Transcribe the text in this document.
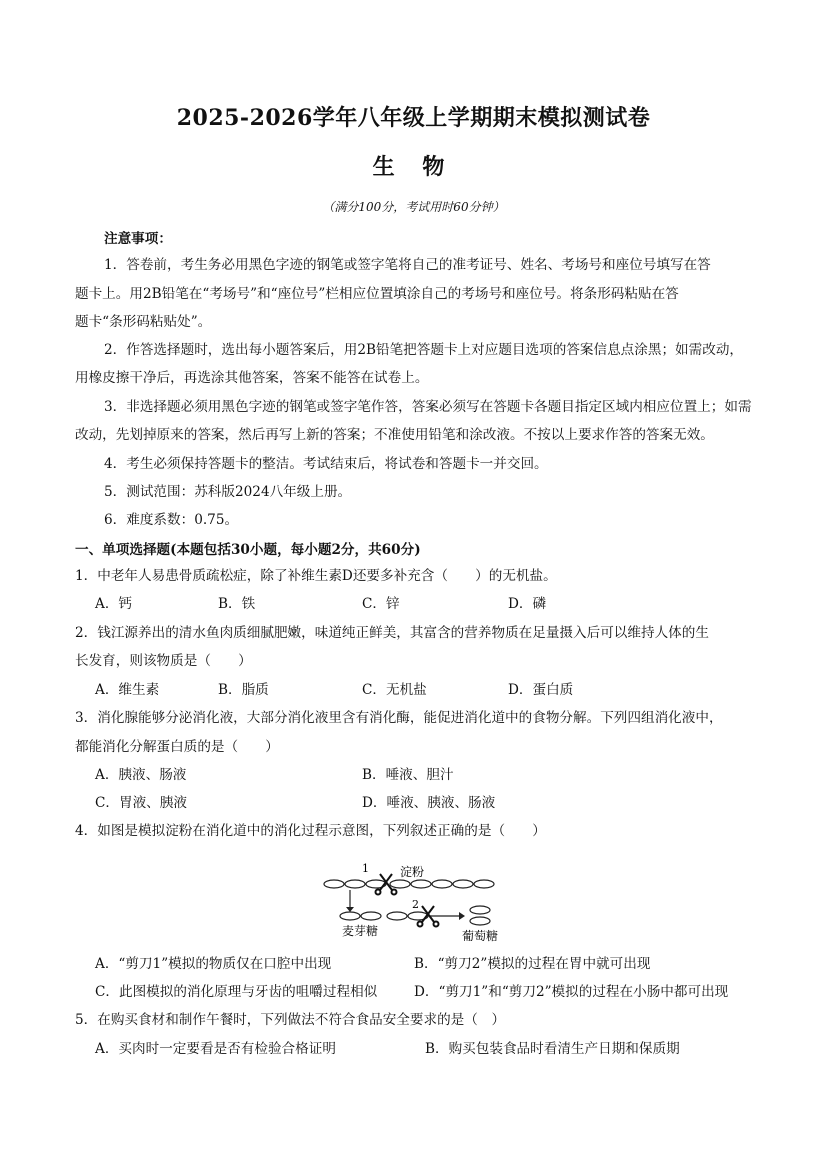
2025-2026学年八年级上学期期末模拟测试卷
生 物
（满分100分，考试用时60分钟）
注意事项：
1．答卷前，考生务必用黑色字迹的钢笔或签字笔将自己的准考证号、姓名、考场号和座位号填写在答
题卡上。用2B铅笔在“考场号”和“座位号”栏相应位置填涂自己的考场号和座位号。将条形码粘贴在答
题卡“条形码粘贴处”。
2．作答选择题时，选出每小题答案后，用2B铅笔把答题卡上对应题目选项的答案信息点涂黑；如需改动，
用橡皮擦干净后，再选涂其他答案，答案不能答在试卷上。
3．非选择题必须用黑色字迹的钢笔或签字笔作答，答案必须写在答题卡各题目指定区域内相应位置上；如需
改动，先划掉原来的答案，然后再写上新的答案；不准使用铅笔和涂改液。不按以上要求作答的答案无效。
4．考生必须保持答题卡的整洁。考试结束后，将试卷和答题卡一并交回。
5．测试范围：苏科版2024八年级上册。
6．难度系数：0.75。
一、单项选择题(本题包括30小题，每小题2分，共60分)
1．中老年人易患骨质疏松症，除了补维生素D还要多补充含（　　）的无机盐。
A．钙	B．铁	C．锌	D．磷
2．钱江源养出的清水鱼肉质细腻肥嫩，味道纯正鲜美，其富含的营养物质在足量摄入后可以维持人体的生
长发育，则该物质是（　　）
A．维生素	B．脂质	C．无机盐	D．蛋白质
3．消化腺能够分泌消化液，大部分消化液里含有消化酶，能促进消化道中的食物分解。下列四组消化液中，
都能消化分解蛋白质的是（　　）
A．胰液、肠液	B．唾液、胆汁
C．胃液、胰液	D．唾液、胰液、肠液
4．如图是模拟淀粉在消化道中的消化过程示意图，下列叙述正确的是（　　）
1
2
淀粉
麦芽糖	葡萄糖
A．“剪刀1”模拟的物质仅在口腔中出现	B．“剪刀2”模拟的过程在胃中就可出现
C．此图模拟的消化原理与牙齿的咀嚼过程相似	D．“剪刀1”和“剪刀2”模拟的过程在小肠中都可出现
5．在购买食材和制作午餐时，下列做法不符合食品安全要求的是（　）
A．买肉时一定要看是否有检验合格证明	B．购买包装食品时看清生产日期和保质期
